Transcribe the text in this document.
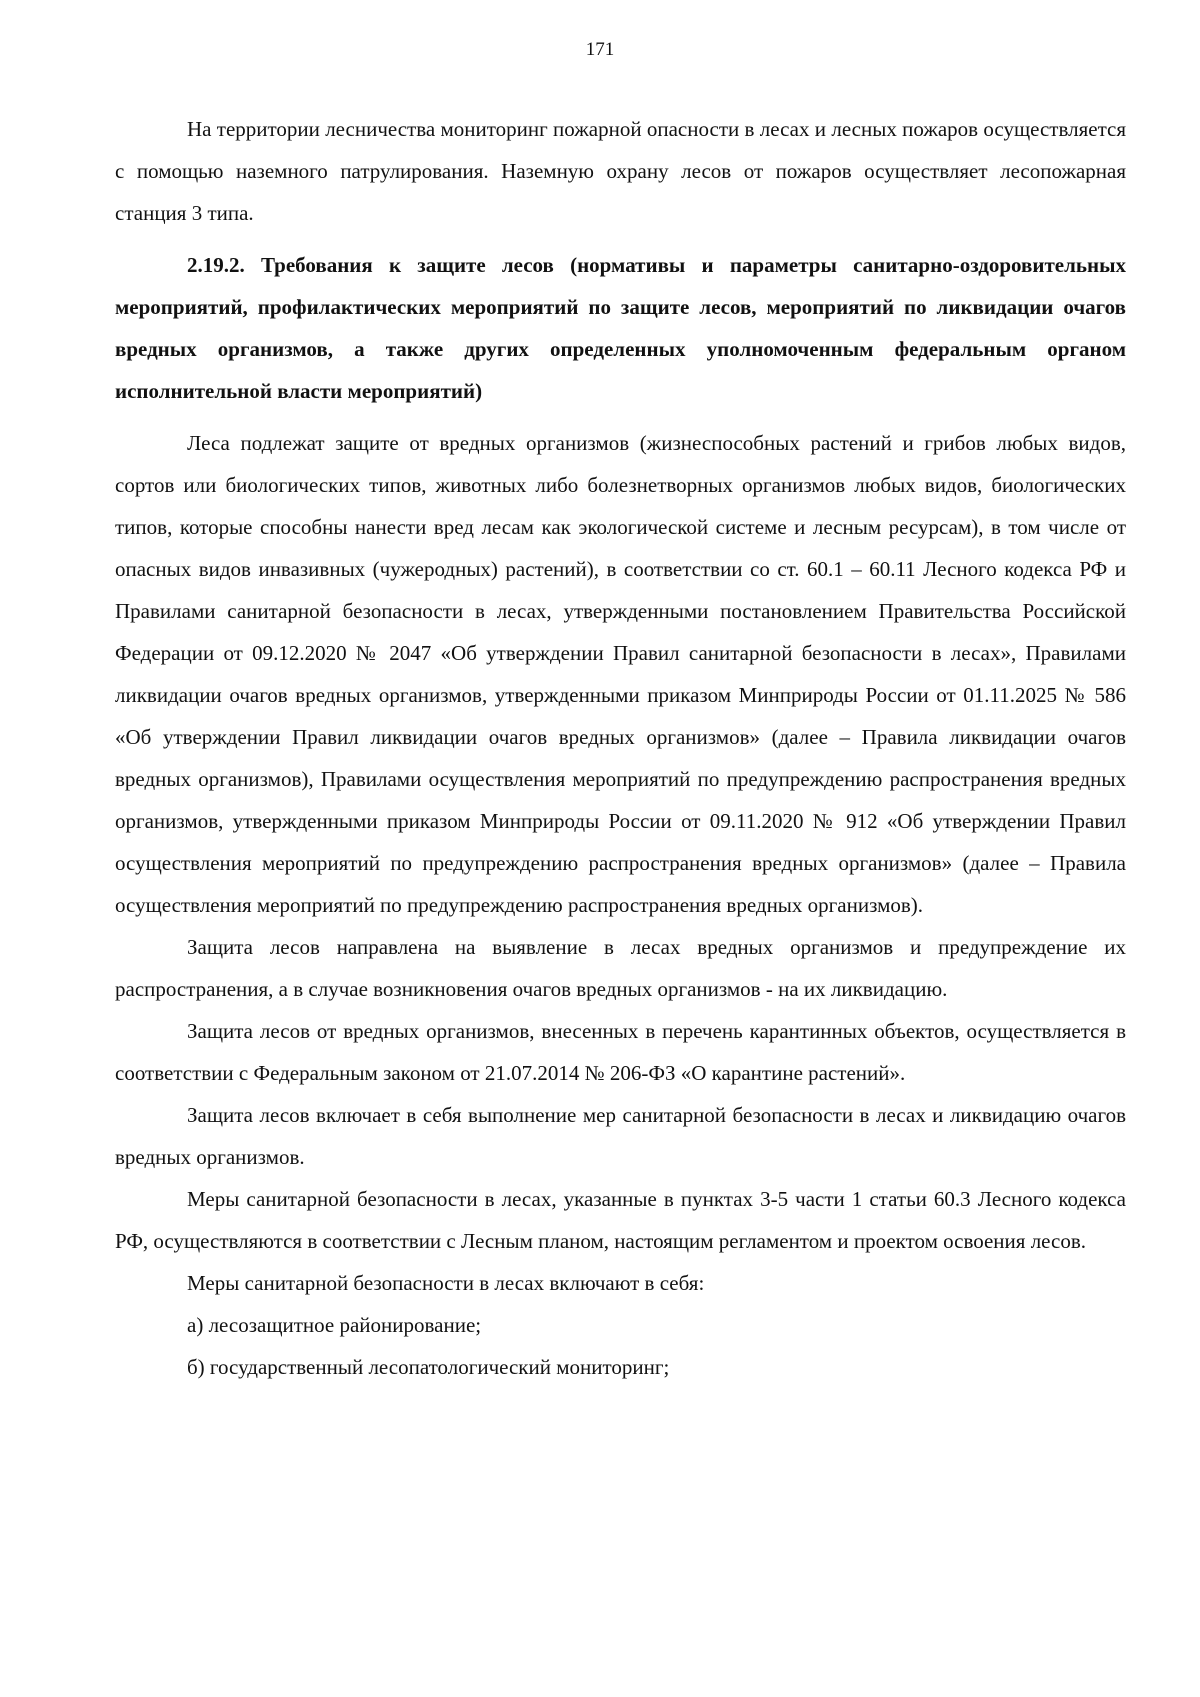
171

На территории лесничества мониторинг пожарной опасности в лесах и лесных пожаров осуществляется с помощью наземного патрулирования. Наземную охрану лесов от пожаров осуществляет лесопожарная станция 3 типа.

2.19.2. Требования к защите лесов (нормативы и параметры санитарно-оздоровительных мероприятий, профилактических мероприятий по защите лесов, мероприятий по ликвидации очагов вредных организмов, а также других определенных уполномоченным федеральным органом исполнительной власти мероприятий)

Леса подлежат защите от вредных организмов (жизнеспособных растений и грибов любых видов, сортов или биологических типов, животных либо болезнетворных организмов любых видов, биологических типов, которые способны нанести вред лесам как экологической системе и лесным ресурсам), в том числе от опасных видов инвазивных (чужеродных) растений), в соответствии со ст. 60.1 – 60.11 Лесного кодекса РФ и Правилами санитарной безопасности в лесах, утвержденными постановлением Правительства Российской Федерации от 09.12.2020 № 2047 «Об утверждении Правил санитарной безопасности в лесах», Правилами ликвидации очагов вредных организмов, утвержденными приказом Минприроды России от 01.11.2025 № 586 «Об утверждении Правил ликвидации очагов вредных организмов» (далее – Правила ликвидации очагов вредных организмов), Правилами осуществления мероприятий по предупреждению распространения вредных организмов, утвержденными приказом Минприроды России от 09.11.2020 № 912 «Об утверждении Правил осуществления мероприятий по предупреждению распространения вредных организмов» (далее – Правила осуществления мероприятий по предупреждению распространения вредных организмов).

Защита лесов направлена на выявление в лесах вредных организмов и предупреждение их распространения, а в случае возникновения очагов вредных организмов - на их ликвидацию.

Защита лесов от вредных организмов, внесенных в перечень карантинных объектов, осуществляется в соответствии с Федеральным законом от 21.07.2014 № 206-ФЗ «О карантине растений».

Защита лесов включает в себя выполнение мер санитарной безопасности в лесах и ликвидацию очагов вредных организмов.

Меры санитарной безопасности в лесах, указанные в пунктах 3-5 части 1 статьи 60.3 Лесного кодекса РФ, осуществляются в соответствии с Лесным планом, настоящим регламентом и проектом освоения лесов.

Меры санитарной безопасности в лесах включают в себя:

а) лесозащитное районирование;

б) государственный лесопатологический мониторинг;
